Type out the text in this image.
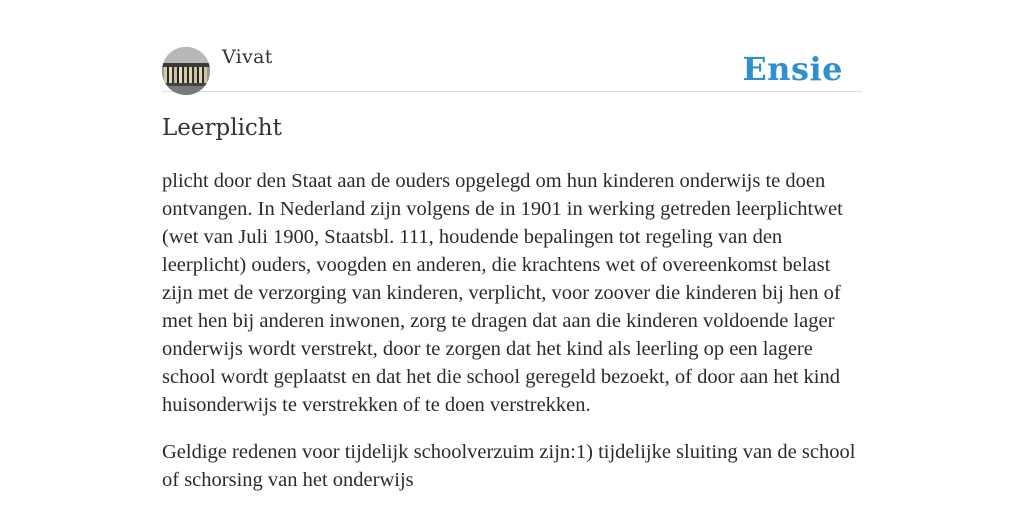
Vivat	Ensie
Leerplicht

plicht door den Staat aan de ouders opgelegd om hun kinderen onderwijs te doen ontvangen. In Nederland zijn volgens de in 1901 in werking getreden leerplichtwet (wet van Juli 1900, Staatsbl. 111, houdende bepalingen tot regeling van den leerplicht) ouders, voogden en anderen, die krachtens wet of overeenkomst belast zijn met de verzorging van kinderen, verplicht, voor zoover die kinderen bij hen of met hen bij anderen inwonen, zorg te dragen dat aan die kinderen voldoende lager onderwijs wordt verstrekt, door te zorgen dat het kind als leerling op een lagere school wordt geplaatst en dat het die school geregeld bezoekt, of door aan het kind huisonderwijs te verstrekken of te doen verstrekken.

Geldige redenen voor tijdelijk schoolverzuim zijn:1) tijdelijke sluiting van de school of schorsing van het onderwijs
